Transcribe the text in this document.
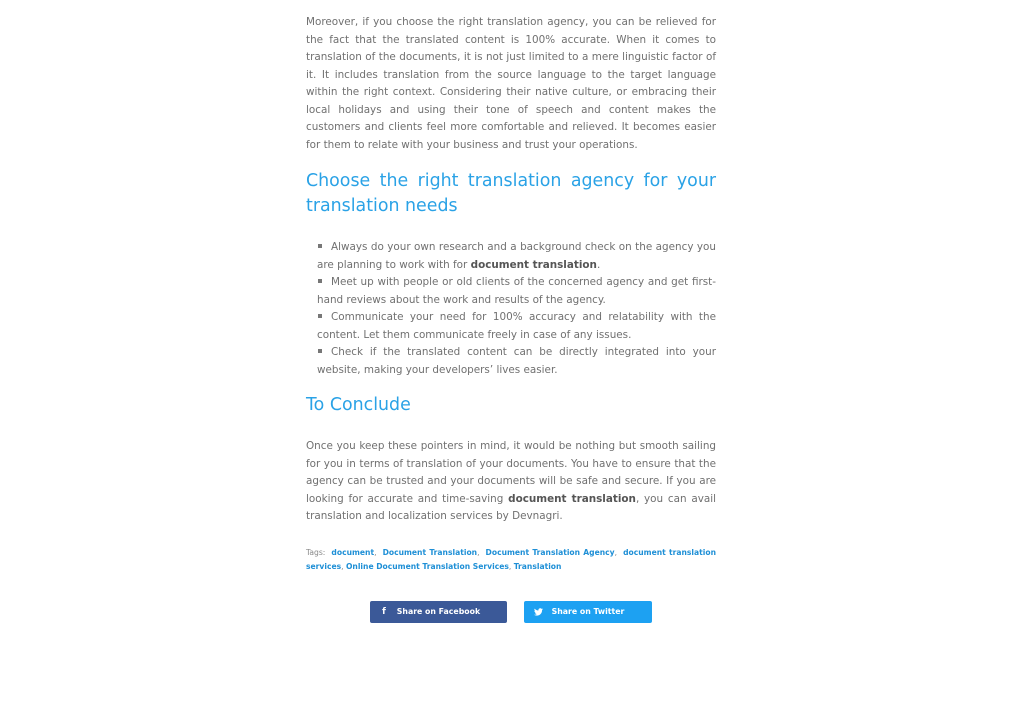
Moreover, if you choose the right translation agency, you can be relieved for the fact that the translated content is 100% accurate. When it comes to translation of the documents, it is not just limited to a mere linguistic factor of it. It includes translation from the source language to the target language within the right context. Considering their native culture, or embracing their local holidays and using their tone of speech and content makes the customers and clients feel more comfortable and relieved. It becomes easier for them to relate with your business and trust your operations.

Choose the right translation agency for your translation needs
Always do your own research and a background check on the agency you are planning to work with for document translation.
Meet up with people or old clients of the concerned agency and get first-hand reviews about the work and results of the agency.
Communicate your need for 100% accuracy and relatability with the content. Let them communicate freely in case of any issues.
Check if the translated content can be directly integrated into your website, making your developers’ lives easier.
To Conclude

Once you keep these pointers in mind, it would be nothing but smooth sailing for you in terms of translation of your documents. You have to ensure that the agency can be trusted and your documents will be safe and secure. If you are looking for accurate and time-saving document translation, you can avail translation and localization services by Devnagri.

Tags: document,  Document Translation,  Document Translation Agency,  document translation services, Online Document Translation Services, Translation
f	Share on Facebook	Share on Twitter
